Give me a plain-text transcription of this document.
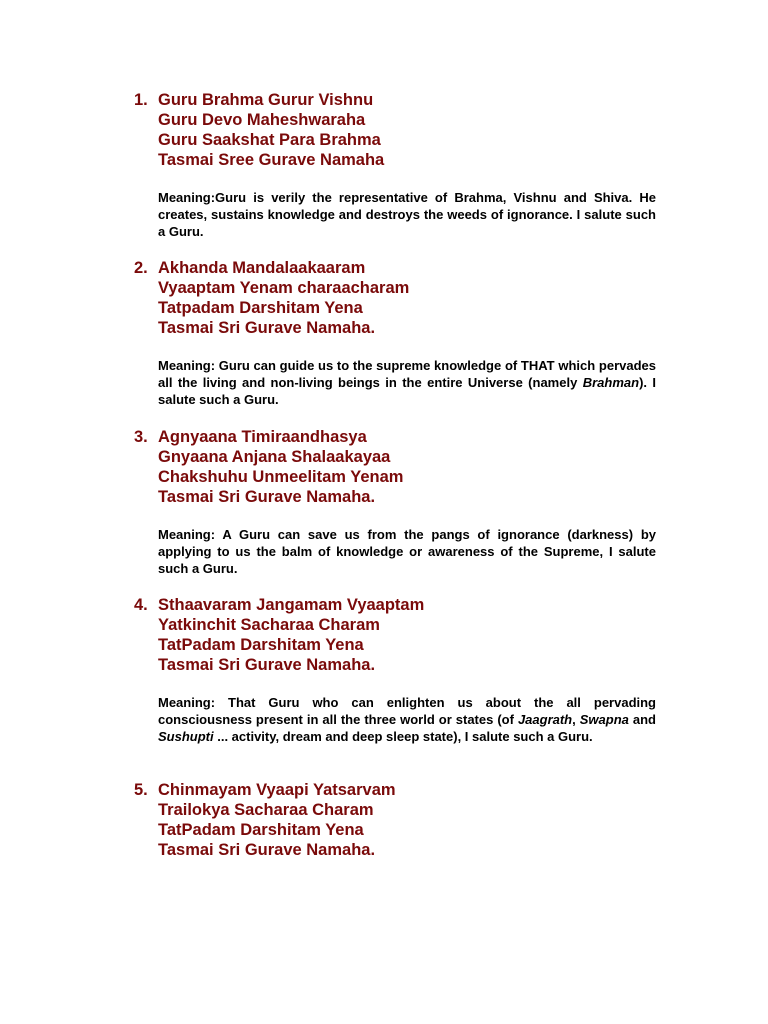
1. Guru Brahma Gurur Vishnu
Guru Devo Maheshwaraha
Guru Saakshat Para Brahma
Tasmai Sree Gurave Namaha
Meaning:Guru is verily the representative of Brahma, Vishnu and Shiva. He creates, sustains knowledge and destroys the weeds of ignorance. I salute such a Guru.
2. Akhanda Mandalaakaaram
Vyaaptam Yenam charaacharam
Tatpadam Darshitam Yena
Tasmai Sri Gurave Namaha.
Meaning: Guru can guide us to the supreme knowledge of THAT which pervades all the living and non-living beings in the entire Universe (namely Brahman). I salute such a Guru.
3. Agnyaana Timiraandhasya
Gnyaana Anjana Shalaakayaa
Chakshuhu Unmeelitam Yenam
Tasmai Sri Gurave Namaha.
Meaning: A Guru can save us from the pangs of ignorance (darkness) by applying to us the balm of knowledge or awareness of the Supreme, I salute such a Guru.
4. Sthaavaram Jangamam Vyaaptam
Yatkinchit Sacharaa Charam
TatPadam Darshitam Yena
Tasmai Sri Gurave Namaha.
Meaning: That Guru who can enlighten us about the all pervading consciousness present in all the three world or states (of Jaagrath, Swapna and Sushupti ... activity, dream and deep sleep state), I salute such a Guru.
5. Chinmayam Vyaapi Yatsarvam
Trailokya Sacharaa Charam
TatPadam Darshitam Yena
Tasmai Sri Gurave Namaha.
